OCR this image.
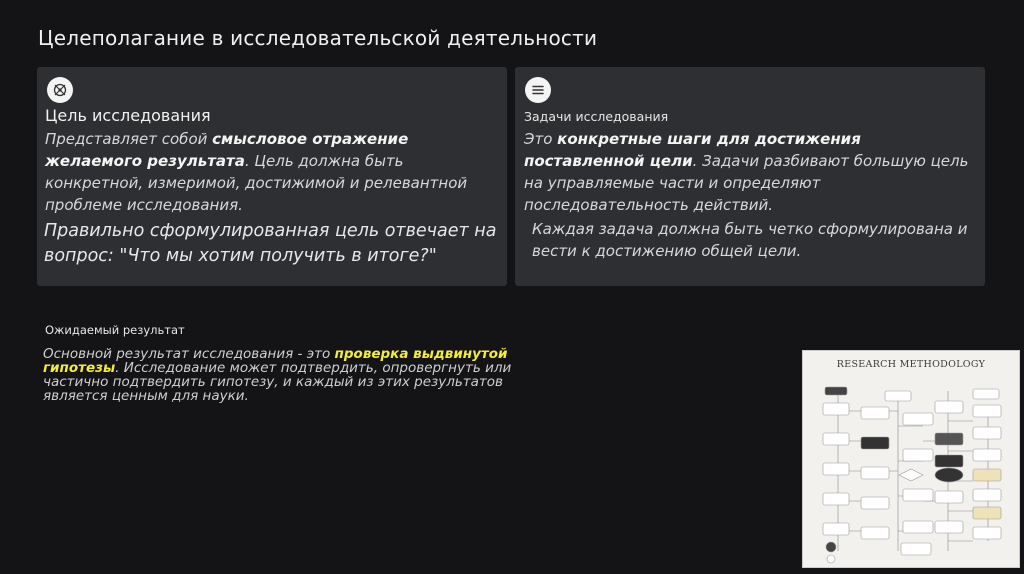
Целеполагание в исследовательской деятельности
Цель исследования
Представляет собой смысловое отражение желаемого результата. Цель должна быть конкретной, измеримой, достижимой и релевантной проблеме исследования.
Правильно сформулированная цель отвечает на вопрос: "Что мы хотим получить в итоге?"
Задачи исследования
Это конкретные шаги для достижения поставленной цели. Задачи разбивают большую цель на управляемые части и определяют последовательность действий.
Каждая задача должна быть четко сформулирована и вести к достижению общей цели.
Ожидаемый результат
Основной результат исследования - это проверка выдвинутой гипотезы. Исследование может подтвердить, опровергнуть или частично подтвердить гипотезу, и каждый из этих результатов является ценным для науки.
RESEARCH METHODOLOGY
